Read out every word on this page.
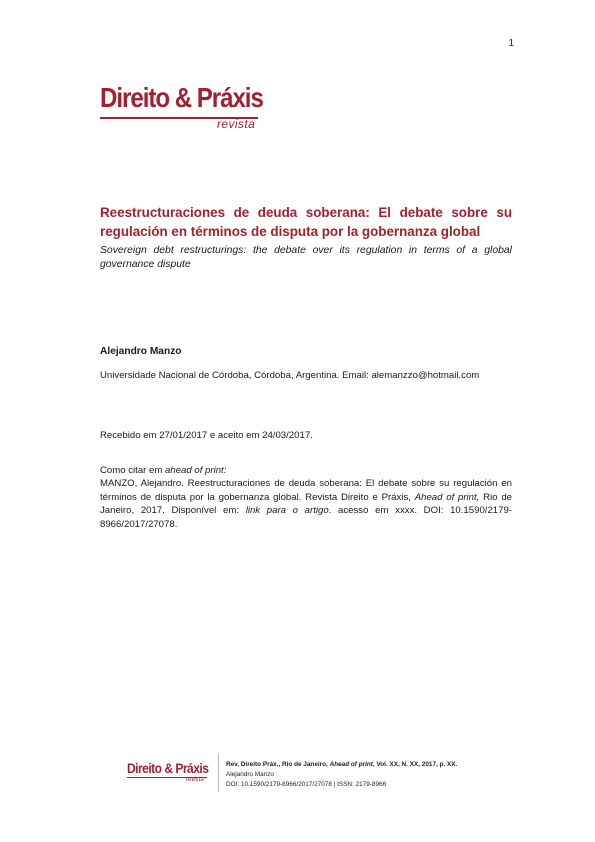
1
Direito & Práxis
revista
Reestructuraciones de deuda soberana: El debate sobre su regulación en términos de disputa por la gobernanza global

Sovereign debt restructurings: the debate over its regulation in terms of a global governance dispute

Alejandro Manzo
Universidade Nacional de Córdoba, Córdoba, Argentina. Email: alemanzzo@hotmail.com
Recebido em 27/01/2017 e aceito em 24/03/2017.
Como citar em ahead of print:

MANZO, Alejandro. Reestructuraciones de deuda soberana: El debate sobre su regulación en términos de disputa por la gobernanza global. Revista Direito e Práxis, Ahead of print, Rio de Janeiro, 2017. Disponível em: link para o artigo. acesso em xxxx. DOI: 10.1590/2179-8966/2017/27078.

Direito & Práxis
revista
Rev. Direito Práx., Rio de Janeiro, Ahead of print, Vol. XX, N. XX, 2017, p. XX.
Alejandro Manzo
DOI: 10.1590/2179-8966/2017/27078 | ISSN: 2179-8966
